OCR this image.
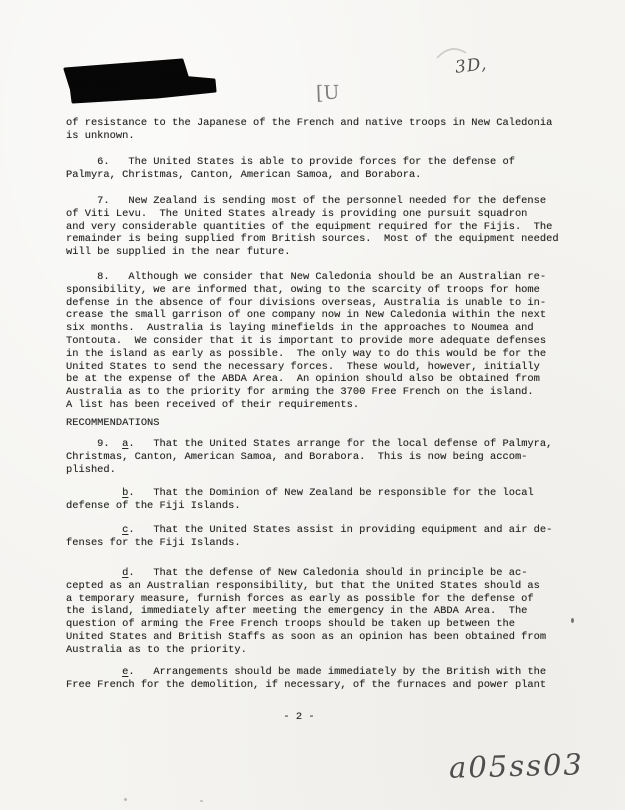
3D,
[U
of resistance to the Japanese of the French and native troops in New Caledonia
is unknown.
6.   The United States is able to provide forces for the defense of
Palmyra, Christmas, Canton, American Samoa, and Borabora.
7.   New Zealand is sending most of the personnel needed for the defense
of Viti Levu.  The United States already is providing one pursuit squadron
and very considerable quantities of the equipment required for the Fijis.  The
remainder is being supplied from British sources.  Most of the equipment needed
will be supplied in the near future.
8.   Although we consider that New Caledonia should be an Australian re-
sponsibility, we are informed that, owing to the scarcity of troops for home
defense in the absence of four divisions overseas, Australia is unable to in-
crease the small garrison of one company now in New Caledonia within the next
six months.  Australia is laying minefields in the approaches to Noumea and
Tontouta.  We consider that it is important to provide more adequate defenses
in the island as early as possible.  The only way to do this would be for the
United States to send the necessary forces.  These would, however, initially
be at the expense of the ABDA Area.  An opinion should also be obtained from
Australia as to the priority for arming the 3700 Free French on the island.
A list has been received of their requirements.
RECOMMENDATIONS
9.  a.   That the United States arrange for the local defense of Palmyra,
Christmas, Canton, American Samoa, and Borabora.  This is now being accom-
plished.
b.   That the Dominion of New Zealand be responsible for the local
defense of the Fiji Islands.
c.   That the United States assist in providing equipment and air de-
fenses for the Fiji Islands.
d.   That the defense of New Caledonia should in principle be ac-
cepted as an Australian responsibility, but that the United States should as
a temporary measure, furnish forces as early as possible for the defense of
the island, immediately after meeting the emergency in the ABDA Area.  The
question of arming the Free French troops should be taken up between the
United States and British Staffs as soon as an opinion has been obtained from
Australia as to the priority.
e.   Arrangements should be made immediately by the British with the
Free French for the demolition, if necessary, of the furnaces and power plant
- 2 -
a05ss03
